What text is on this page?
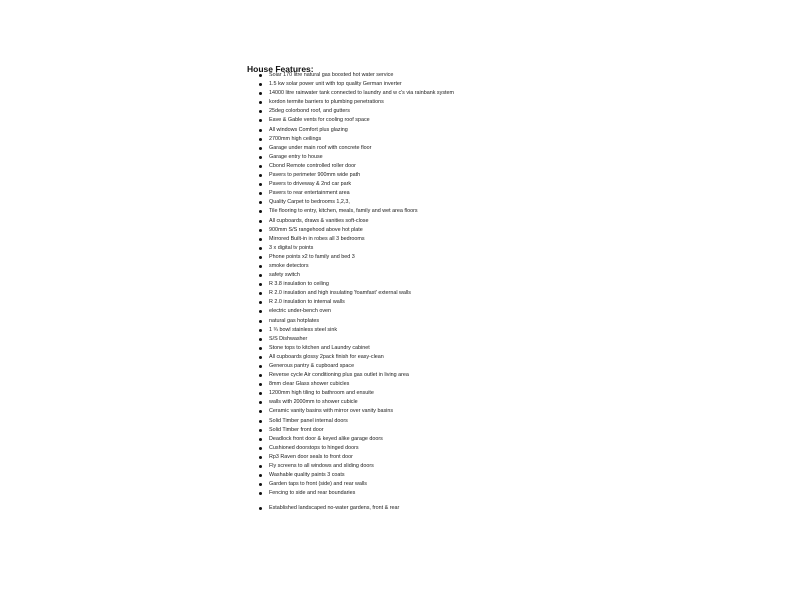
House Features:
Solar 170 litre natural gas boosted hot water service
1.5 kw solar power unit with top quality German inverter
14000 litre rainwater tank connected to laundry and w c's via rainbank system
kordon termite barriers to plumbing penetrations
25deg colorbond roof, and gutters
Eave & Gable vents for cooling roof space
All windows Comfort plus glazing
2700mm high ceilings
Garage under main roof with concrete floor
Garage entry to house
Cbond Remote controlled roller door
Pavers to perimeter 900mm wide path
Pavers to driveway & 2nd car park
Pavers to rear entertainment area
Quality Carpet to bedrooms 1,2,3,
Tile flooring to entry, kitchen, meals, family and wet area floors
All cupboards, draws & vanities soft-close
900mm S/S rangehood above hot plate
Mirrored Built-in in robes all 3 bedrooms
3 x digital tv points
Phone points x2 to family and bed 3
smoke detectors
safety switch
R 3.8 insulation to ceiling
R 2.0 insulation and high insulating 'foamfast' external walls
R 2.0 insulation to internal walls
electric under-bench oven
natural gas hotplates
1 ¾ bowl stainless steel sink
S/S Dishwasher
Stone tops to kitchen and Laundry cabinet
All cupboards glossy 2pack finish for easy-clean
Generous pantry & cupboard space
Reverse cycle Air conditioning plus gas outlet in living area
8mm clear Glass shower cubicles
1200mm high tiling to bathroom and ensuite
walls with 2000mm to shower cubicle
Ceramic vanity basins with mirror over vanity basins
Solid Timber panel internal doors
Solid Timber front door
Deadlock front door & keyed alike garage doors
Cushioned doorstops to hinged doors
Rp3 Raven door seals to front door
Fly screens to all windows and sliding doors
Washable quality paints 3 coats
Garden taps to front (side) and rear walls
Fencing to side and rear boundaries
Established landscaped no-water gardens, front & rear
